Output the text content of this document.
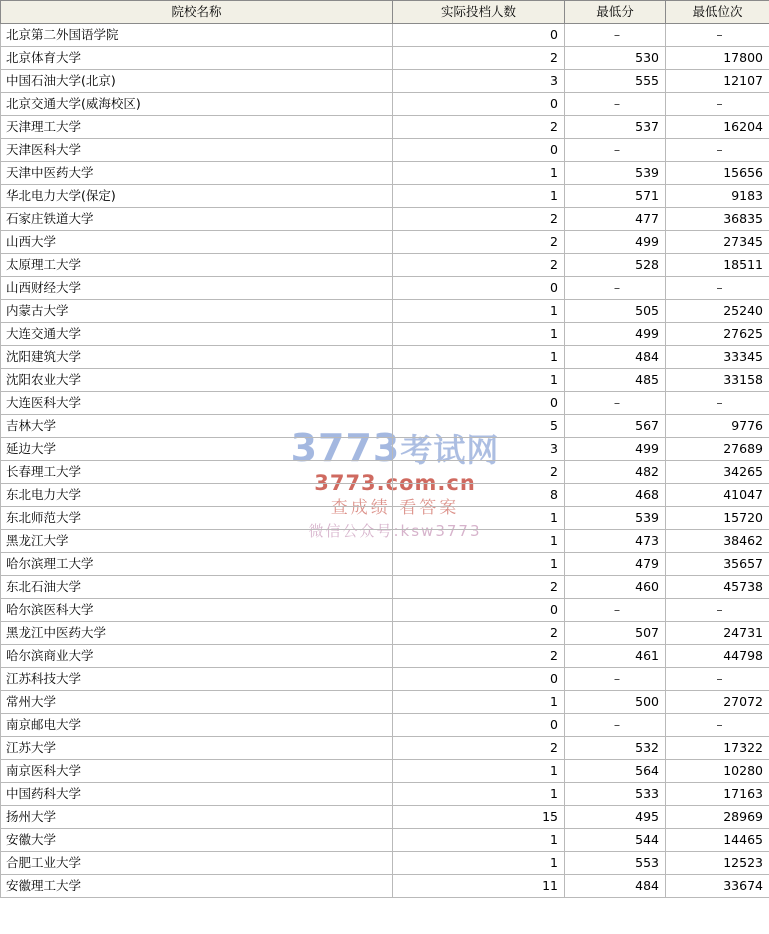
3773考试网
3773.com.cn
查成绩 看答案
微信公众号:ksw3773
院校名称	实际投档人数	最低分	最低位次
北京第二外国语学院	0	–	–
北京体育大学	2	530	17800
中国石油大学(北京)	3	555	12107
北京交通大学(威海校区)	0	–	–
天津理工大学	2	537	16204
天津医科大学	0	–	–
天津中医药大学	1	539	15656
华北电力大学(保定)	1	571	9183
石家庄铁道大学	2	477	36835
山西大学	2	499	27345
太原理工大学	2	528	18511
山西财经大学	0	–	–
内蒙古大学	1	505	25240
大连交通大学	1	499	27625
沈阳建筑大学	1	484	33345
沈阳农业大学	1	485	33158
大连医科大学	0	–	–
吉林大学	5	567	9776
延边大学	3	499	27689
长春理工大学	2	482	34265
东北电力大学	8	468	41047
东北师范大学	1	539	15720
黑龙江大学	1	473	38462
哈尔滨理工大学	1	479	35657
东北石油大学	2	460	45738
哈尔滨医科大学	0	–	–
黑龙江中医药大学	2	507	24731
哈尔滨商业大学	2	461	44798
江苏科技大学	0	–	–
常州大学	1	500	27072
南京邮电大学	0	–	–
江苏大学	2	532	17322
南京医科大学	1	564	10280
中国药科大学	1	533	17163
扬州大学	15	495	28969
安徽大学	1	544	14465
合肥工业大学	1	553	12523
安徽理工大学	11	484	33674
